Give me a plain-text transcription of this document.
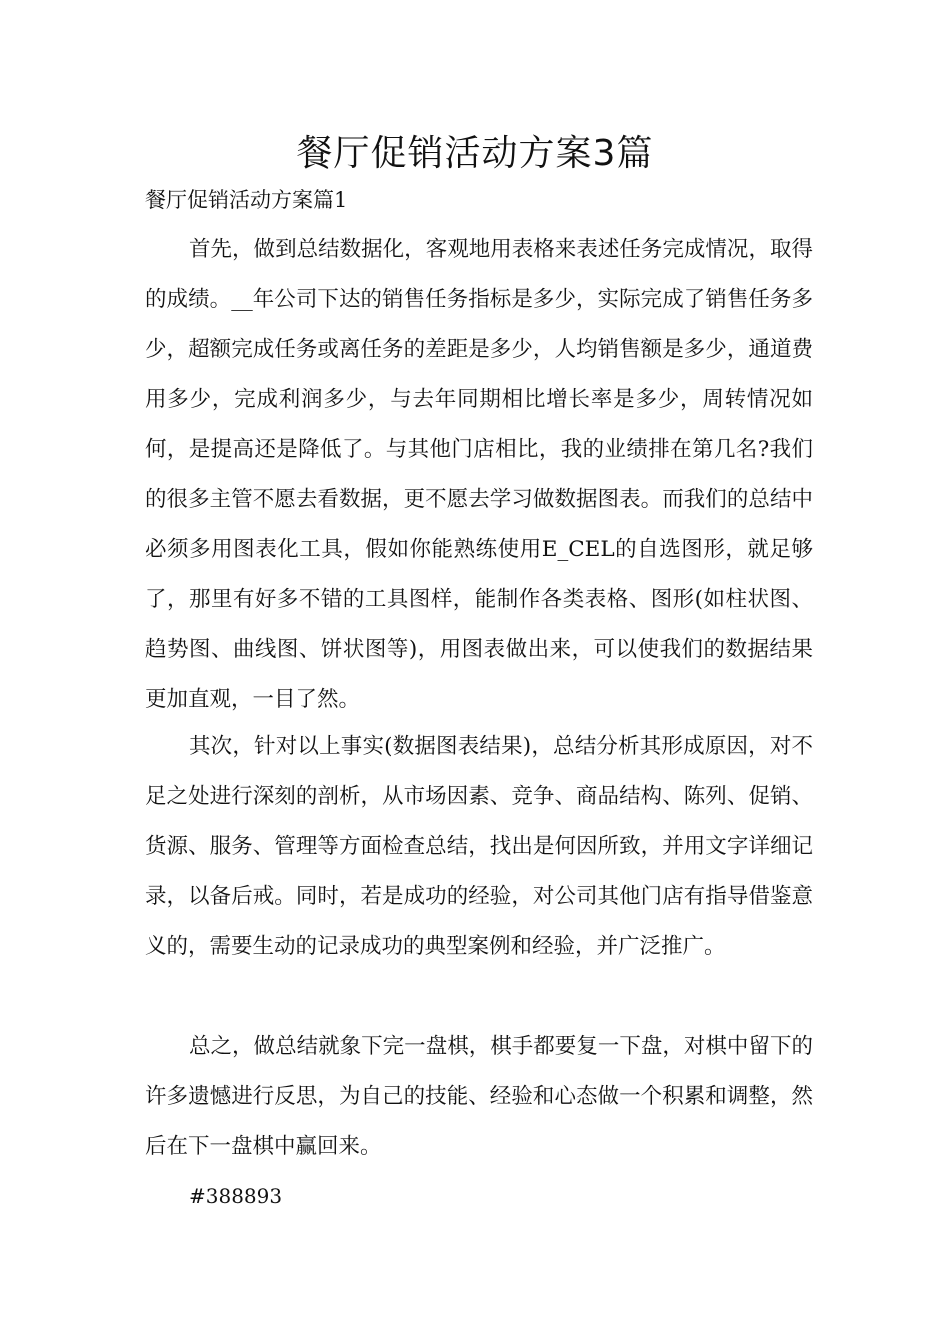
餐厅促销活动方案3篇
餐厅促销活动方案篇1

首先，做到总结数据化，客观地用表格来表述任务完成情况，取得的成绩。__年公司下达的销售任务指标是多少，实际完成了销售任务多少，超额完成任务或离任务的差距是多少，人均销售额是多少，通道费用多少，完成利润多少，与去年同期相比增长率是多少，周转情况如何，是提高还是降低了。与其他门店相比，我的业绩排在第几名?我们的很多主管不愿去看数据，更不愿去学习做数据图表。而我们的总结中必须多用图表化工具，假如你能熟练使用E_CEL的自选图形，就足够了，那里有好多不错的工具图样，能制作各类表格、图形(如柱状图、趋势图、曲线图、饼状图等)，用图表做出来，可以使我们的数据结果更加直观，一目了然。

其次，针对以上事实(数据图表结果)，总结分析其形成原因，对不足之处进行深刻的剖析，从市场因素、竞争、商品结构、陈列、促销、货源、服务、管理等方面检查总结，找出是何因所致，并用文字详细记录，以备后戒。同时，若是成功的经验，对公司其他门店有指导借鉴意义的，需要生动的记录成功的典型案例和经验，并广泛推广。

总之，做总结就象下完一盘棋，棋手都要复一下盘，对棋中留下的许多遗憾进行反思，为自己的技能、经验和心态做一个积累和调整，然后在下一盘棋中赢回来。

#388893
